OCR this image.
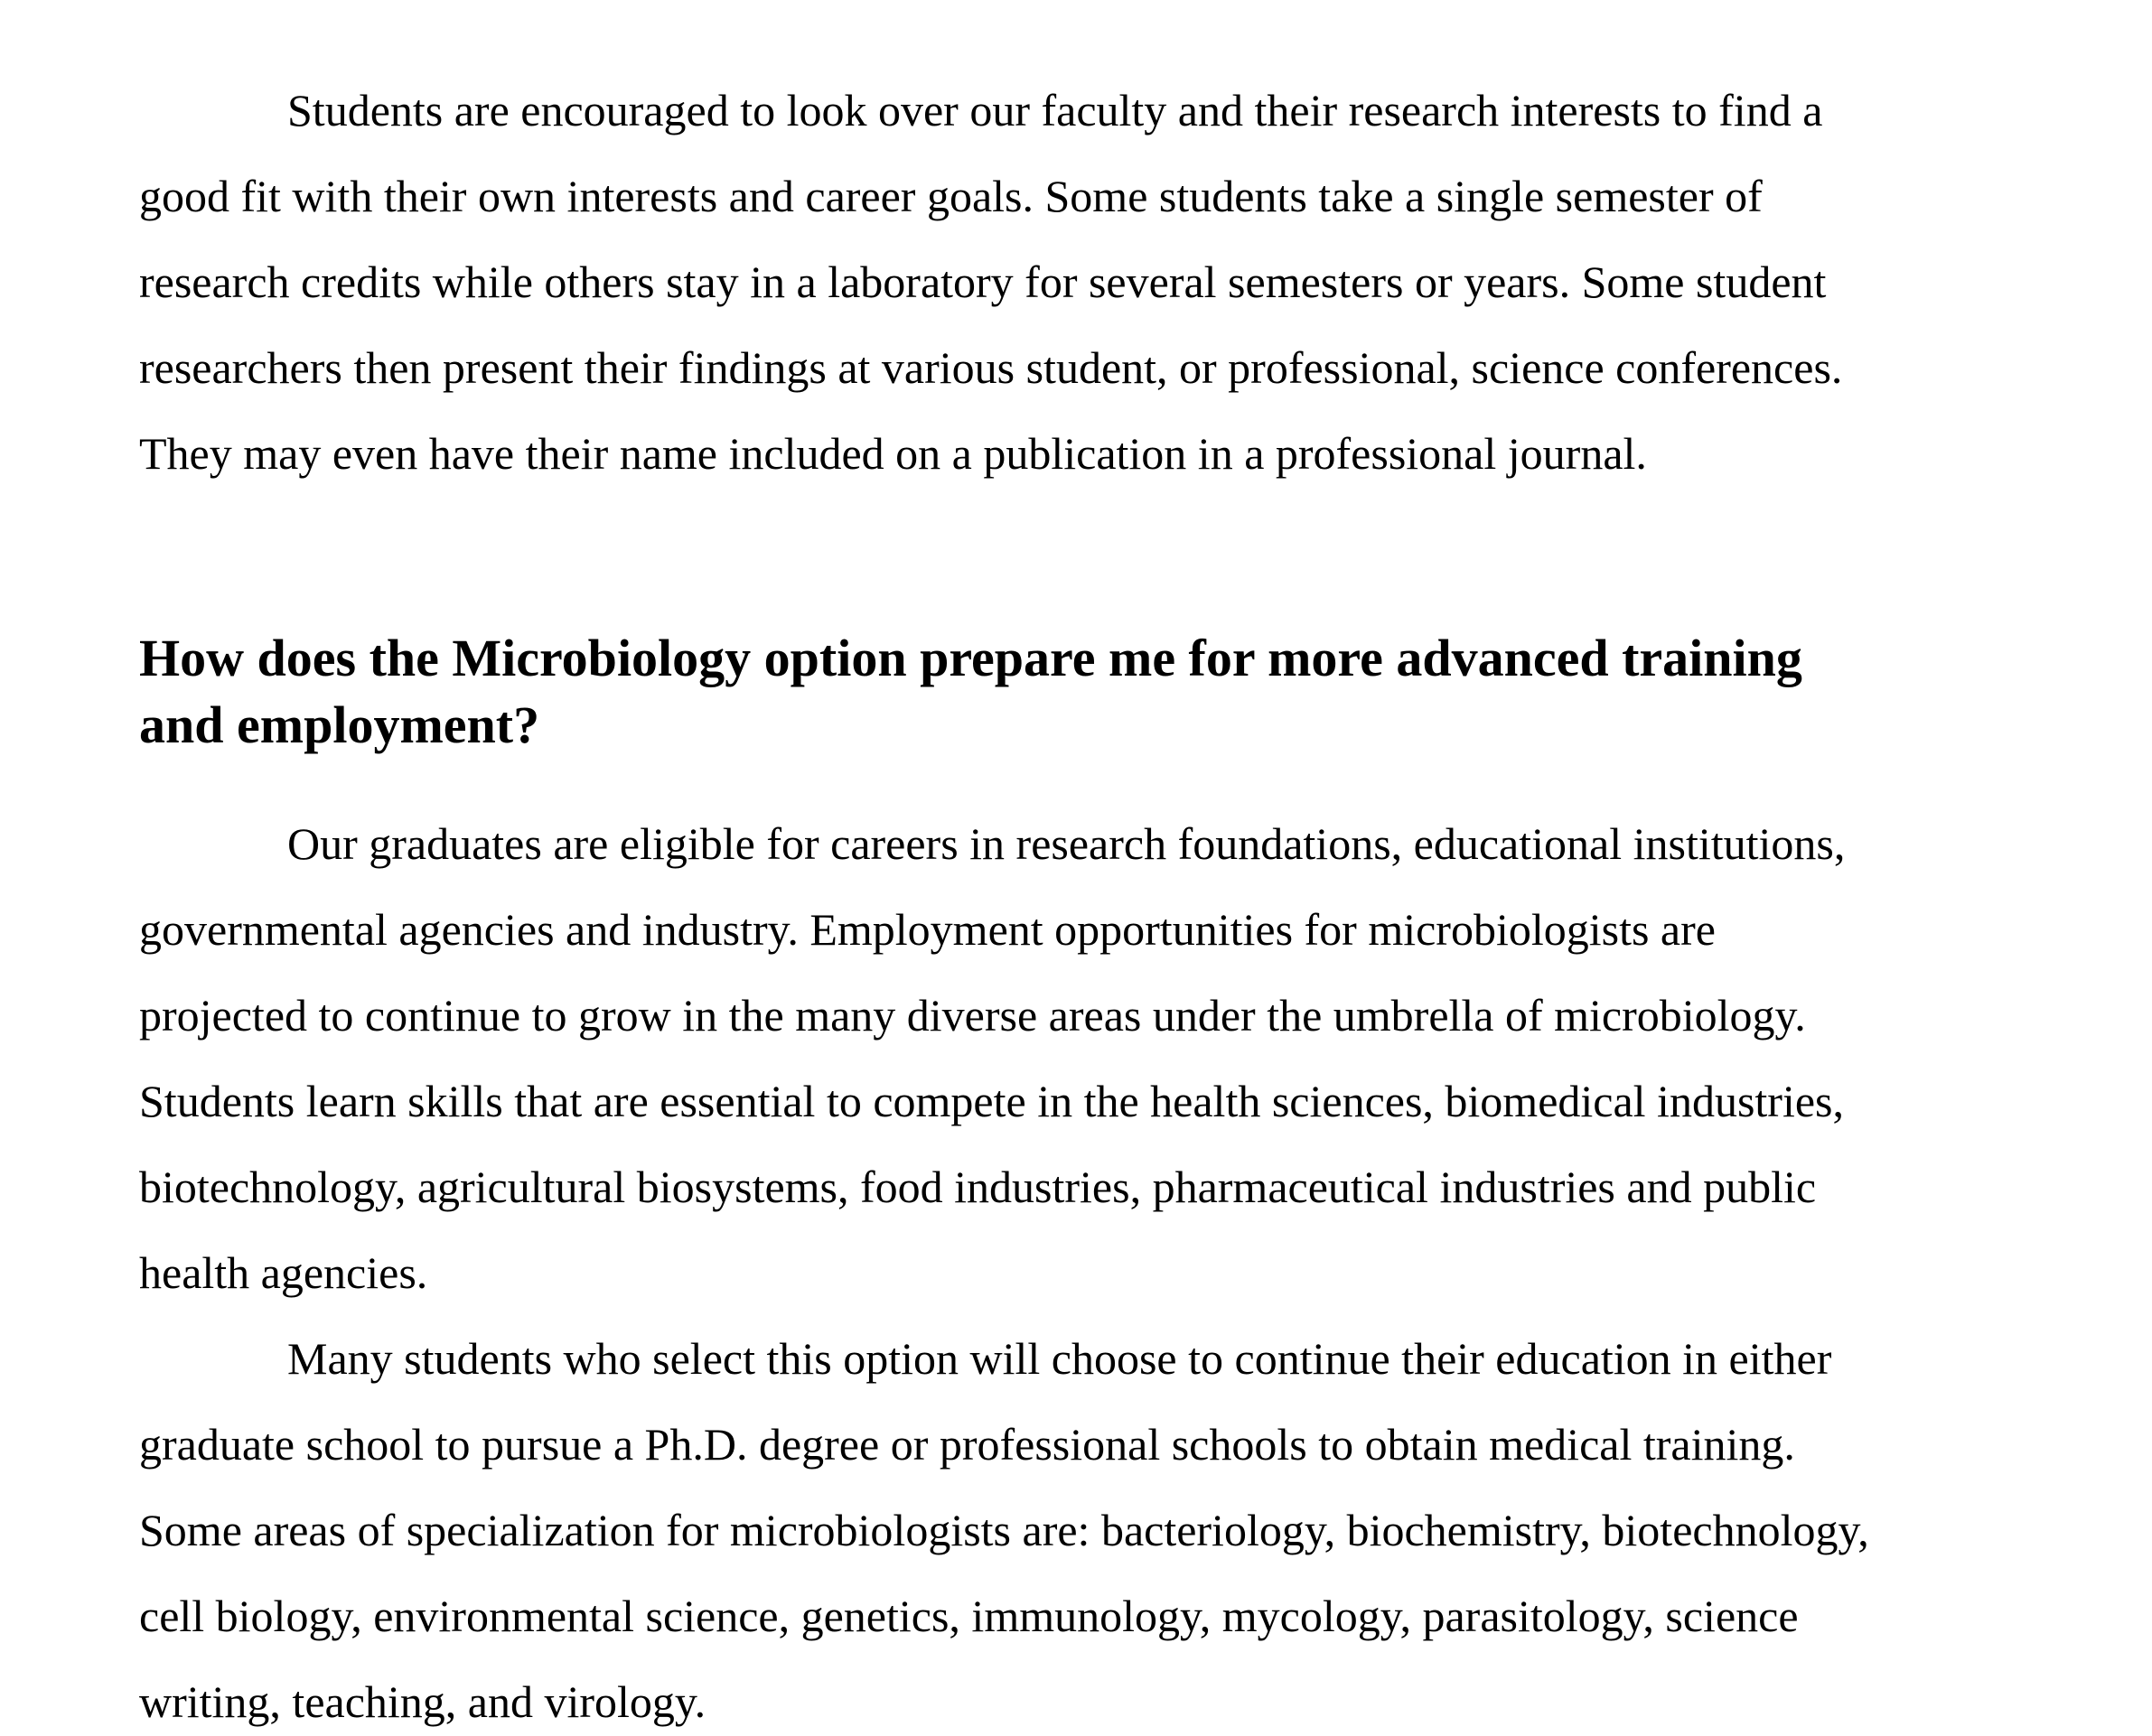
Students are encouraged to look over our faculty and their research interests to find a
good fit with their own interests and career goals. Some students take a single semester of
research credits while others stay in a laboratory for several semesters or years. Some student
researchers then present their findings at various student, or professional, science conferences.
They may even have their name included on a publication in a professional journal.
How does the Microbiology option prepare me for more advanced training
and employment?
Our graduates are eligible for careers in research foundations, educational institutions,
governmental agencies and industry. Employment opportunities for microbiologists are
projected to continue to grow in the many diverse areas under the umbrella of microbiology.
Students learn skills that are essential to compete in the health sciences, biomedical industries,
biotechnology, agricultural biosystems, food industries, pharmaceutical industries and public
health agencies.
Many students who select this option will choose to continue their education in either
graduate school to pursue a Ph.D. degree or professional schools to obtain medical training.
Some areas of specialization for microbiologists are: bacteriology, biochemistry, biotechnology,
cell biology, environmental science, genetics, immunology, mycology, parasitology, science
writing, teaching, and virology.
